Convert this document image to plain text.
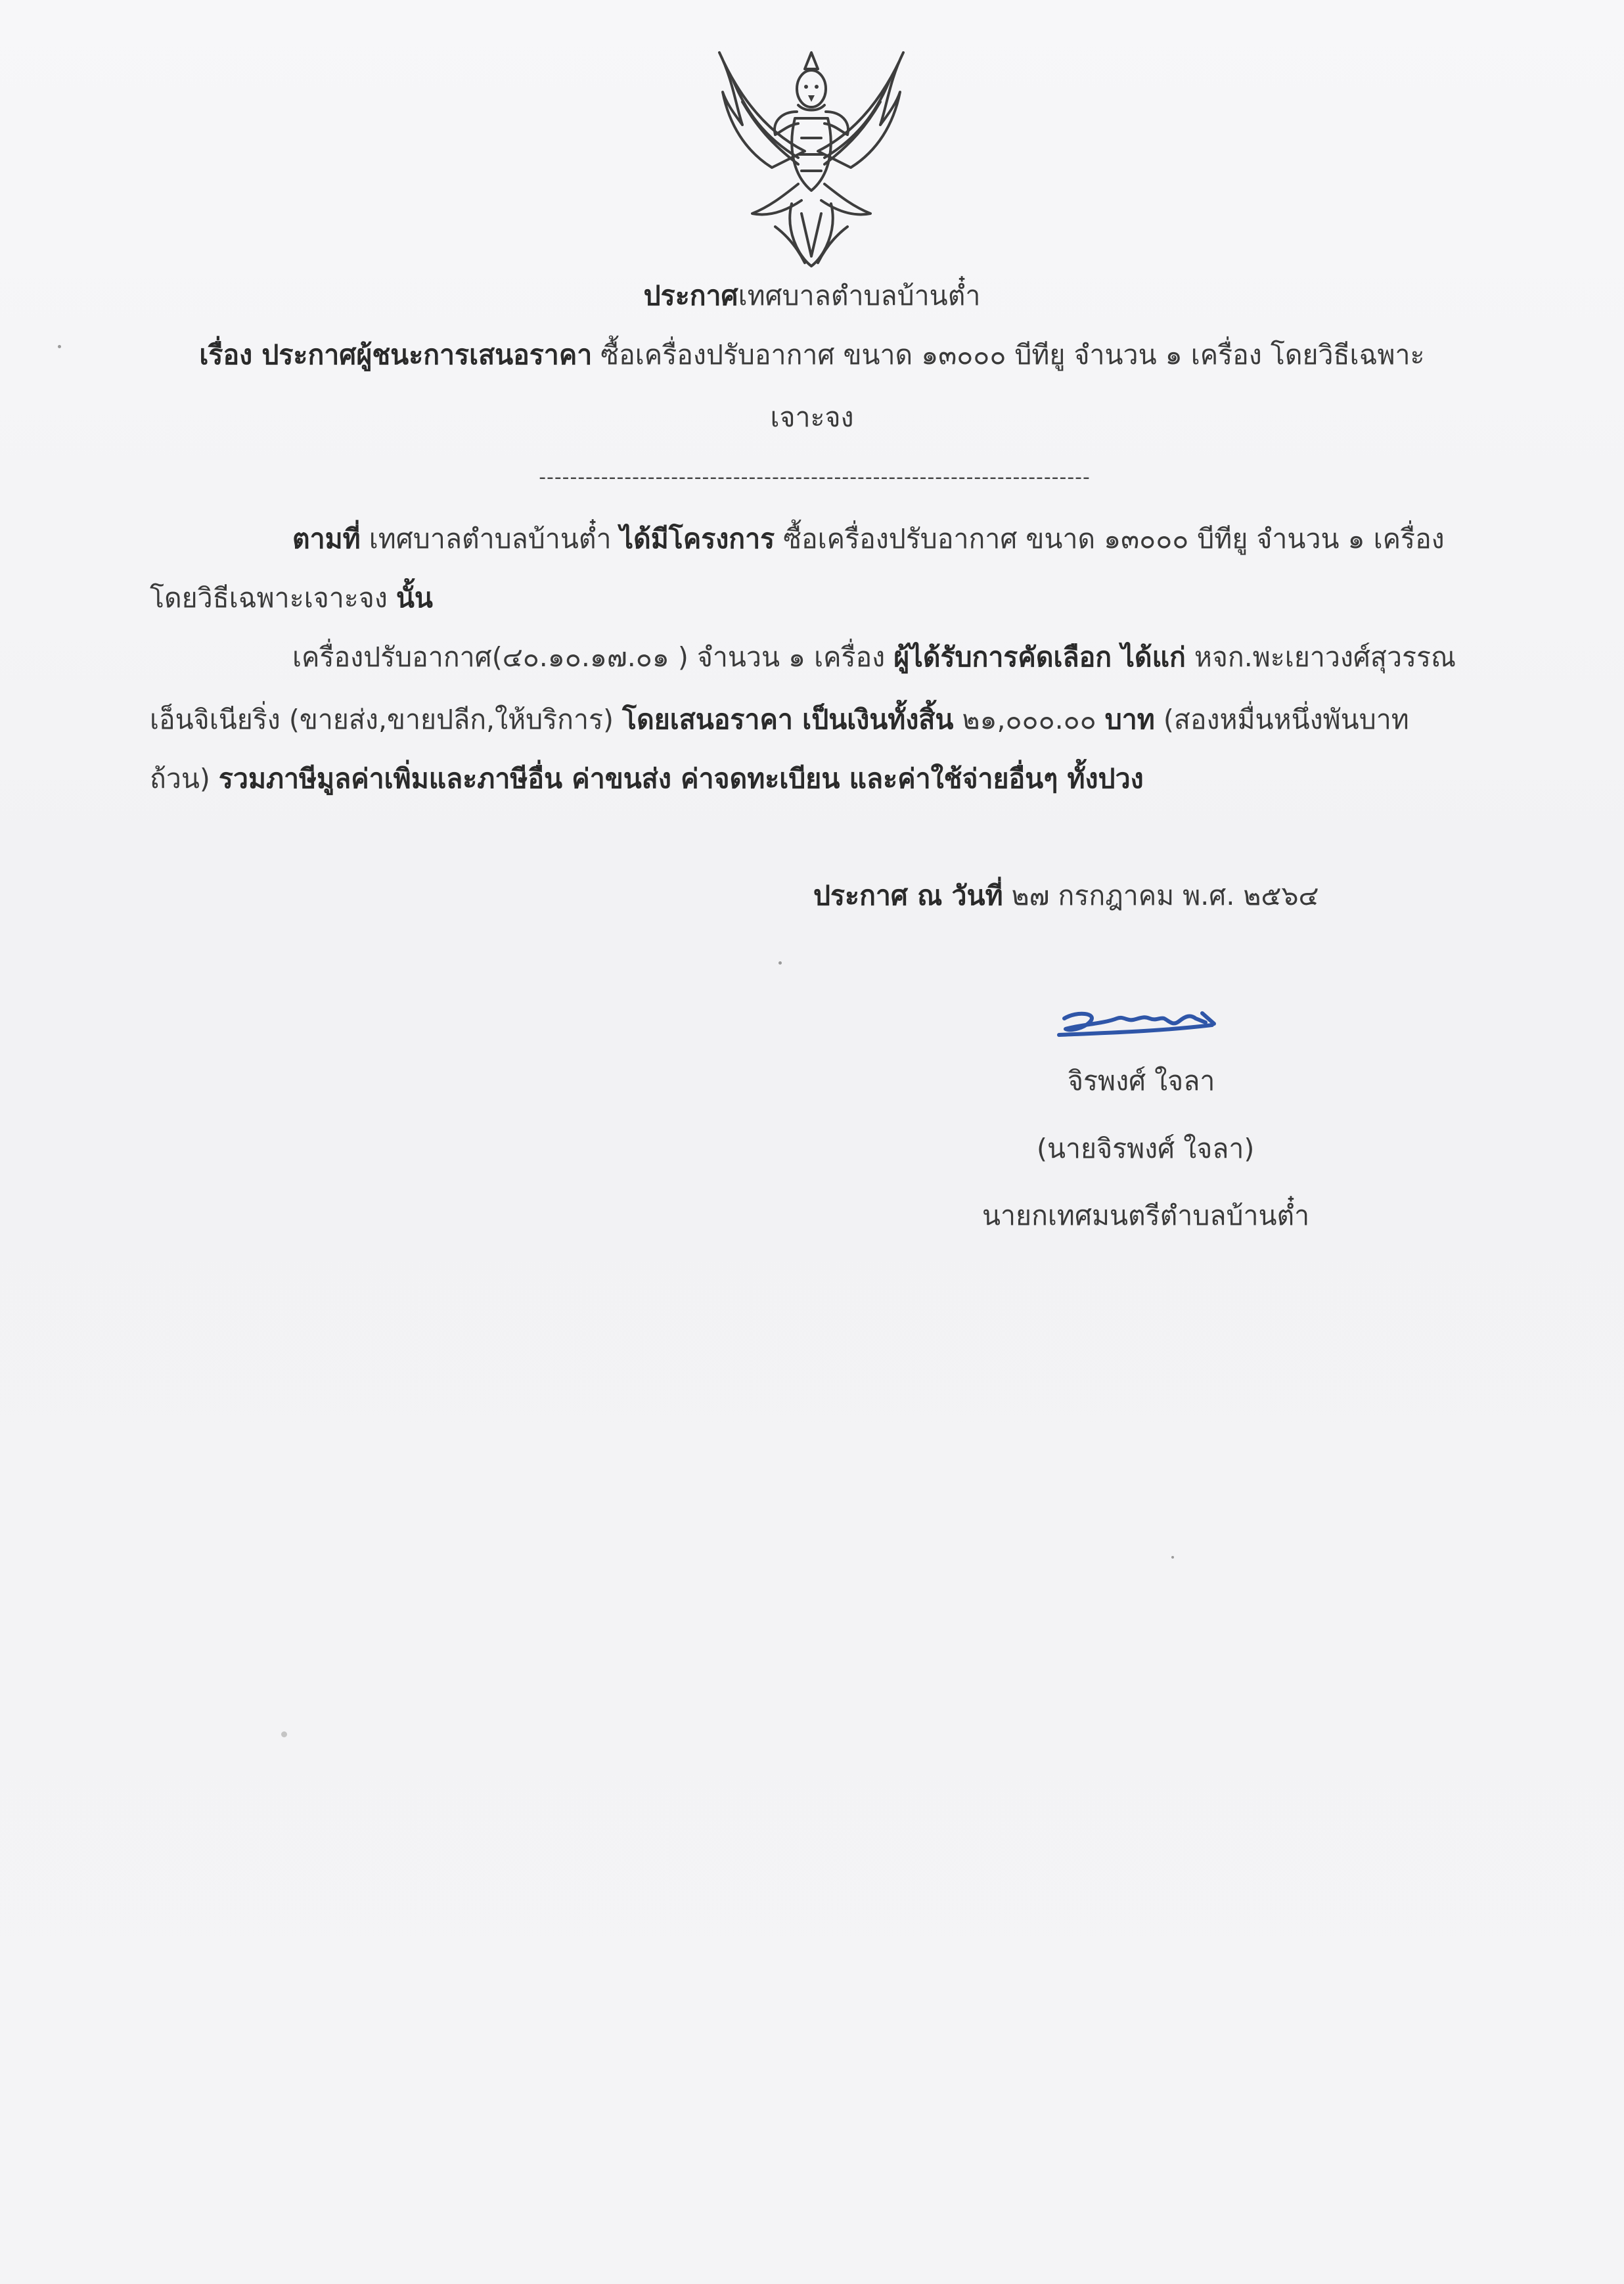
ประกาศเทศบาลตำบลบ้านต๋ำ
เรื่อง ประกาศผู้ชนะการเสนอราคา ซื้อเครื่องปรับอากาศ ขนาด ๑๓๐๐๐ บีทียู จำนวน ๑ เครื่อง โดยวิธีเฉพาะ
เจาะจง
-----------------------------------------------------------------------
ตามที่ เทศบาลตำบลบ้านต๋ำ ได้มีโครงการ ซื้อเครื่องปรับอากาศ ขนาด ๑๓๐๐๐ บีทียู จำนวน ๑ เครื่อง
โดยวิธีเฉพาะเจาะจง นั้น
เครื่องปรับอากาศ(๔๐.๑๐.๑๗.๐๑ ) จำนวน ๑ เครื่อง ผู้ได้รับการคัดเลือก ได้แก่ หจก.พะเยาวงศ์สุวรรณ
เอ็นจิเนียริ่ง (ขายส่ง,ขายปลีก,ให้บริการ) โดยเสนอราคา เป็นเงินทั้งสิ้น ๒๑,๐๐๐.๐๐ บาท (สองหมื่นหนึ่งพันบาท
ถ้วน) รวมภาษีมูลค่าเพิ่มและภาษีอื่น ค่าขนส่ง ค่าจดทะเบียน และค่าใช้จ่ายอื่นๆ ทั้งปวง
ประกาศ ณ วันที่ ๒๗ กรกฎาคม พ.ศ. ๒๕๖๔
จิรพงศ์ ใจลา
(นายจิรพงศ์ ใจลา)
นายกเทศมนตรีตำบลบ้านต๋ำ
